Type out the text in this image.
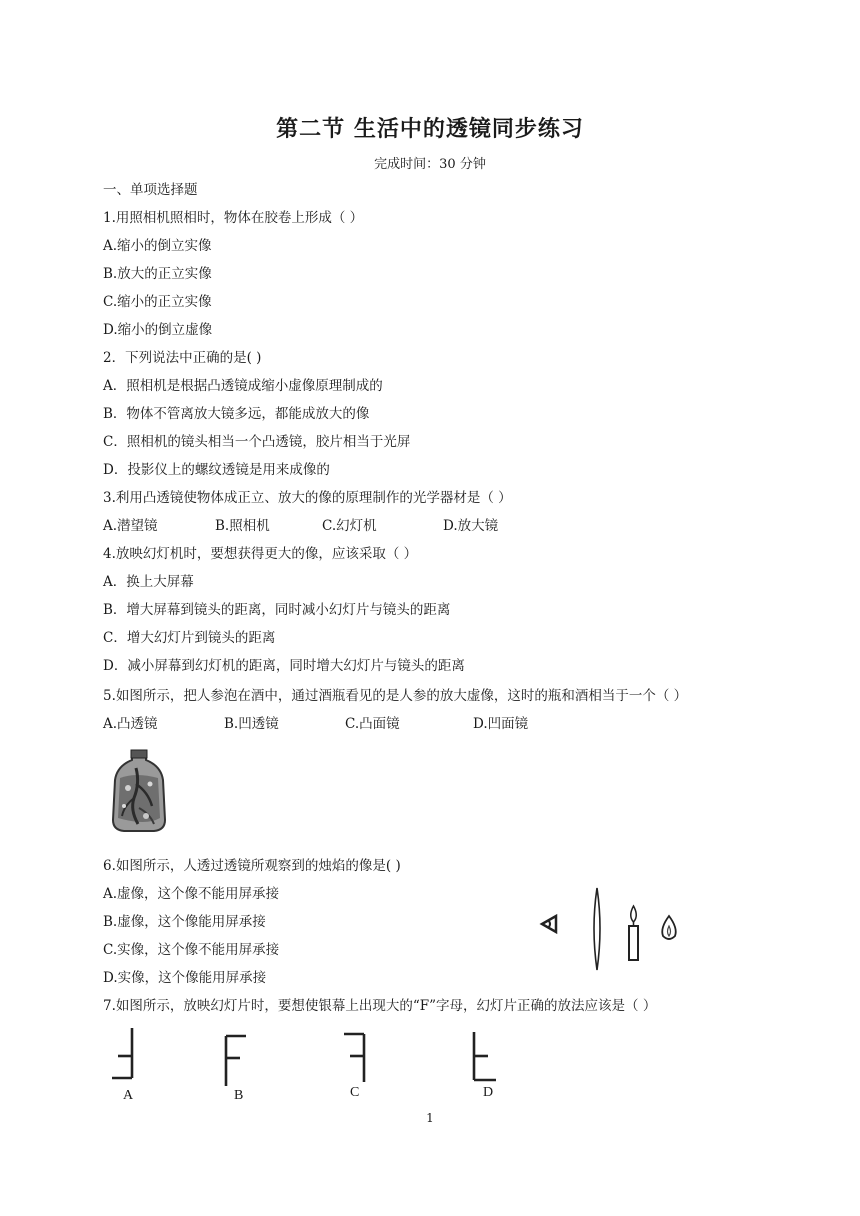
第二节 生活中的透镜同步练习
完成时间：30 分钟
一、单项选择题
1.用照相机照相时，物体在胶卷上形成（ ）
A.缩小的倒立实像
B.放大的正立实像
C.缩小的正立实像
D.缩小的倒立虚像
2．下列说法中正确的是( )
A．照相机是根据凸透镜成缩小虚像原理制成的
B．物体不管离放大镜多远，都能成放大的像
C．照相机的镜头相当一个凸透镜，胶片相当于光屏
D．投影仪上的螺纹透镜是用来成像的
3.利用凸透镜使物体成正立、放大的像的原理制作的光学器材是（ ）
A.潜望镜	B.照相机	C.幻灯机	D.放大镜
4.放映幻灯机时，要想获得更大的像，应该采取（ ）
A．换上大屏幕
B．增大屏幕到镜头的距离，同时减小幻灯片与镜头的距离
C．增大幻灯片到镜头的距离
D．减小屏幕到幻灯机的距离，同时增大幻灯片与镜头的距离
5.如图所示，把人参泡在酒中，通过酒瓶看见的是人参的放大虚像，这时的瓶和酒相当于一个（ ）
A.凸透镜	B.凹透镜	C.凸面镜	D.凹面镜
6.如图所示，人透过透镜所观察到的烛焰的像是( )
A.虚像，这个像不能用屏承接
B.虚像，这个像能用屏承接
C.实像，这个像不能用屏承接
D.实像，这个像能用屏承接
7.如图所示，放映幻灯片时，要想使银幕上出现大的“F”字母，幻灯片正确的放法应该是（ ）
A	B	C	D
1
